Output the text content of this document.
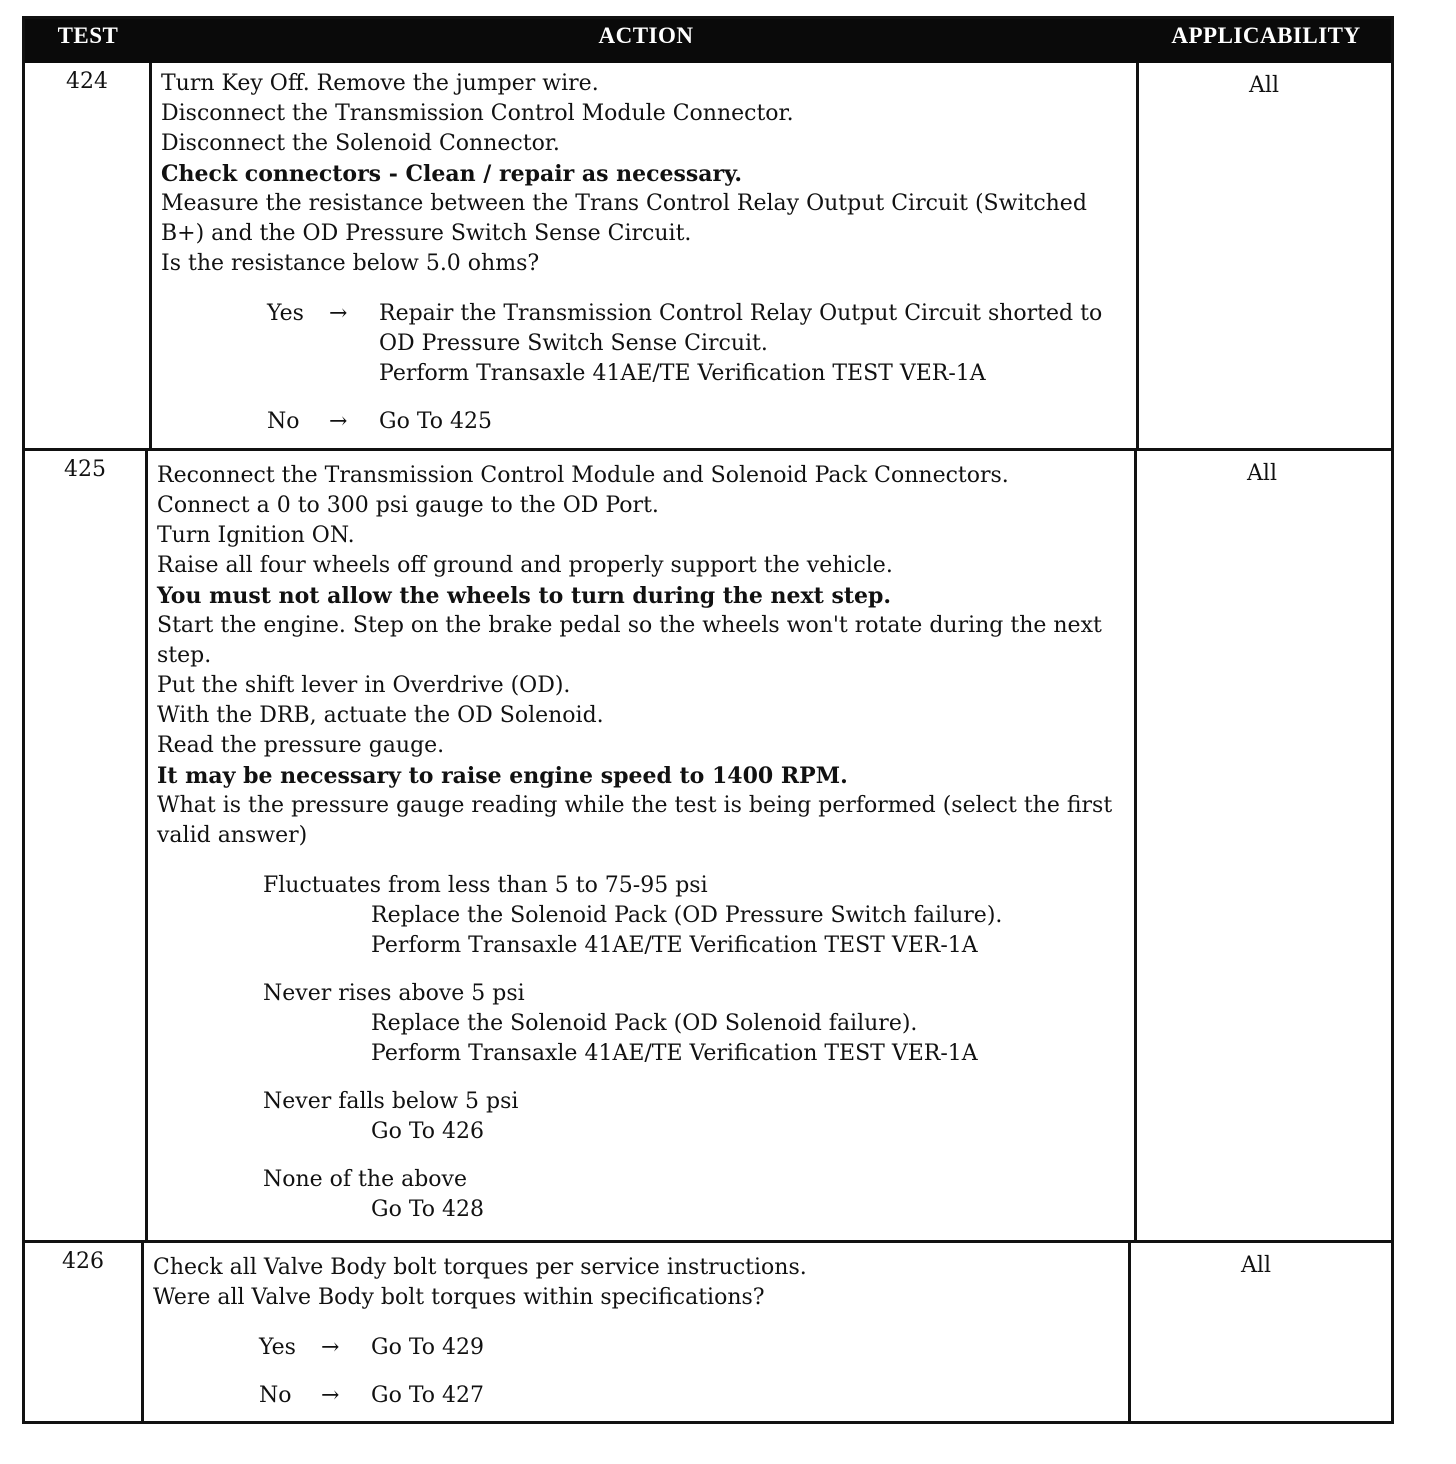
TEST	ACTION	APPLICABILITY
424	Turn Key Off. Remove the jumper wire.
Disconnect the Transmission Control Module Connector.
Disconnect the Solenoid Connector.
Check connectors - Clean / repair as necessary.
Measure the resistance between the Trans Control Relay Output Circuit (Switched
B+) and the OD Pressure Switch Sense Circuit.
Is the resistance below 5.0 ohms?
Yes → Repair the Transmission Control Relay Output Circuit shorted to
OD Pressure Switch Sense Circuit.
Perform Transaxle 41AE/TE Verification TEST VER-1A
No → Go To 425
All
425	Reconnect the Transmission Control Module and Solenoid Pack Connectors.
Connect a 0 to 300 psi gauge to the OD Port.
Turn Ignition ON.
Raise all four wheels off ground and properly support the vehicle.
You must not allow the wheels to turn during the next step.
Start the engine. Step on the brake pedal so the wheels won't rotate during the next
step.
Put the shift lever in Overdrive (OD).
With the DRB, actuate the OD Solenoid.
Read the pressure gauge.
It may be necessary to raise engine speed to 1400 RPM.
What is the pressure gauge reading while the test is being performed (select the first
valid answer)
Fluctuates from less than 5 to 75-95 psi
Replace the Solenoid Pack (OD Pressure Switch failure).
Perform Transaxle 41AE/TE Verification TEST VER-1A
Never rises above 5 psi
Replace the Solenoid Pack (OD Solenoid failure).
Perform Transaxle 41AE/TE Verification TEST VER-1A
Never falls below 5 psi
Go To 426
None of the above
Go To 428
All
426	Check all Valve Body bolt torques per service instructions.
Were all Valve Body bolt torques within specifications?
Yes → Go To 429
No → Go To 427
All
